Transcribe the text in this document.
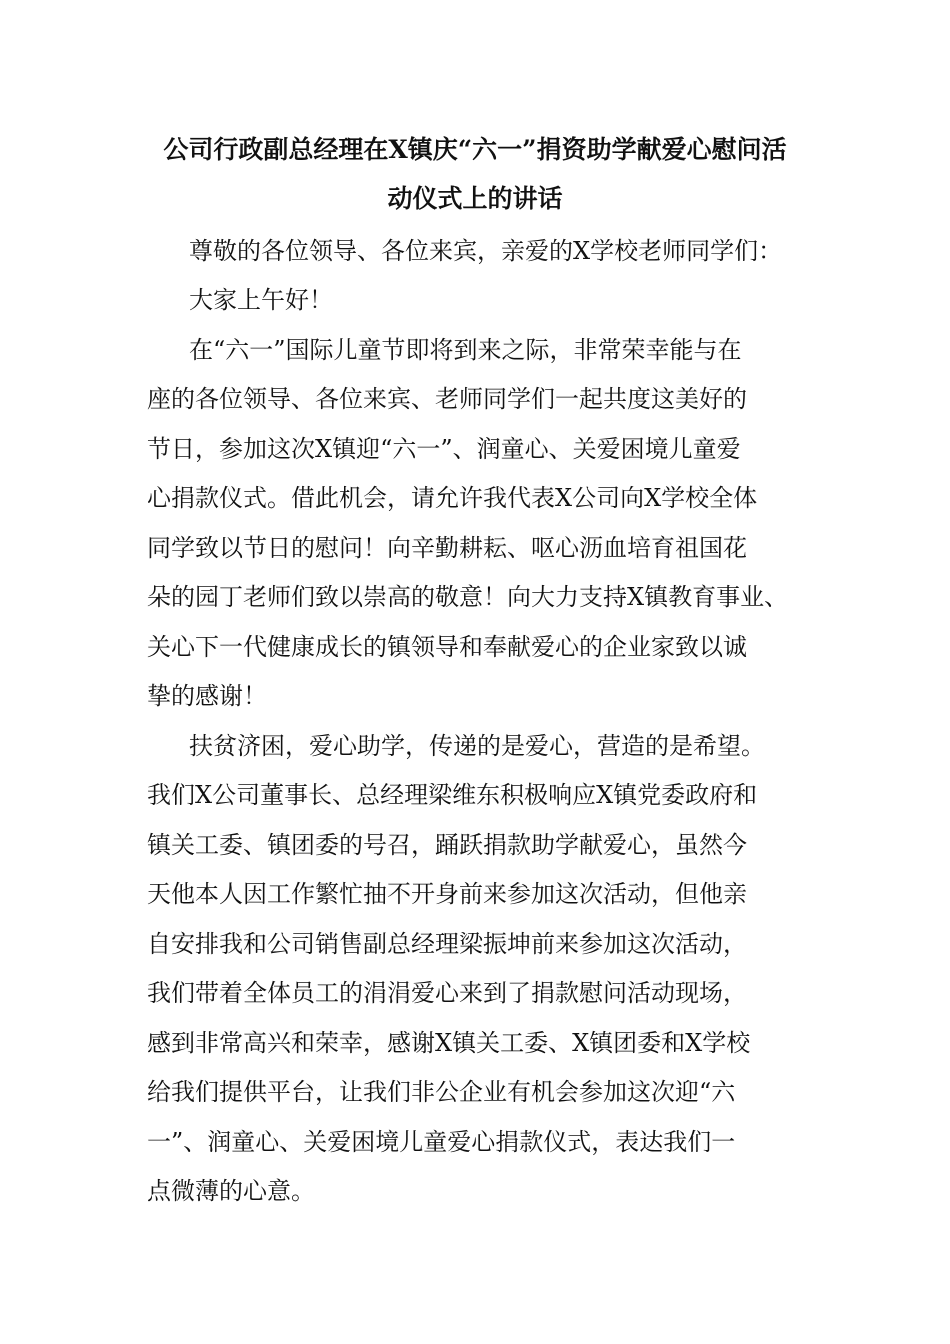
公司行政副总经理在X镇庆“六一”捐资助学献爱心慰问活
动仪式上的讲话

尊敬的各位领导、各位来宾，亲爱的X学校老师同学们：

大家上午好！

在“六一”国际儿童节即将到来之际，非常荣幸能与在

座的各位领导、各位来宾、老师同学们一起共度这美好的

节日，参加这次X镇迎“六一”、润童心、关爱困境儿童爱

心捐款仪式。借此机会，请允许我代表X公司向X学校全体

同学致以节日的慰问！向辛勤耕耘、呕心沥血培育祖国花

朵的园丁老师们致以崇高的敬意！向大力支持X镇教育事业、

关心下一代健康成长的镇领导和奉献爱心的企业家致以诚

挚的感谢！

扶贫济困，爱心助学，传递的是爱心，营造的是希望。

我们X公司董事长、总经理梁维东积极响应X镇党委政府和

镇关工委、镇团委的号召，踊跃捐款助学献爱心，虽然今

天他本人因工作繁忙抽不开身前来参加这次活动，但他亲

自安排我和公司销售副总经理梁振坤前来参加这次活动，

我们带着全体员工的涓涓爱心来到了捐款慰问活动现场，

感到非常高兴和荣幸，感谢X镇关工委、X镇团委和X学校

给我们提供平台，让我们非公企业有机会参加这次迎“六

一”、润童心、关爱困境儿童爱心捐款仪式，表达我们一

点微薄的心意。
